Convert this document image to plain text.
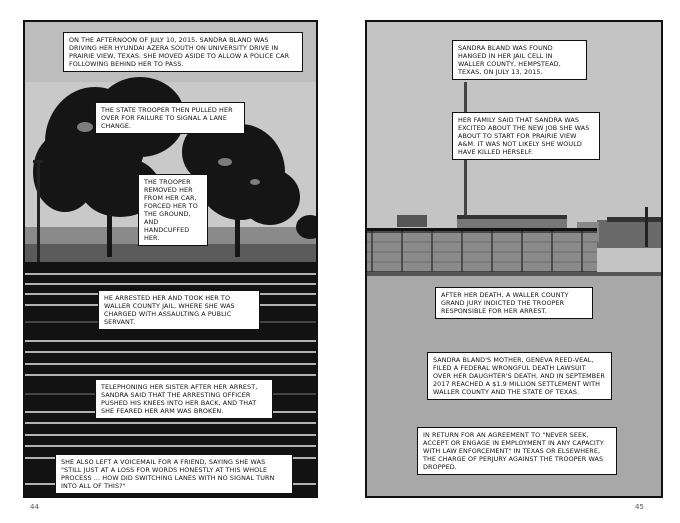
ON THE AFTERNOON OF JULY 10, 2015, SANDRA BLAND WAS DRIVING HER HYUNDAI AZERA SOUTH ON UNIVERSITY DRIVE IN PRAIRIE VIEW, TEXAS. SHE MOVED ASIDE TO ALLOW A POLICE CAR FOLLOWING BEHIND HER TO PASS.
THE STATE TROOPER THEN PULLED HER OVER FOR FAILURE TO SIGNAL A LANE CHANGE.
THE TROOPER REMOVED HER FROM HER CAR, FORCED HER TO THE GROUND, AND HANDCUFFED HER.
HE ARRESTED HER AND TOOK HER TO WALLER COUNTY JAIL, WHERE SHE WAS CHARGED WITH ASSAULTING A PUBLIC SERVANT.
TELEPHONING HER SISTER AFTER HER ARREST, SANDRA SAID THAT THE ARRESTING OFFICER PUSHED HIS KNEES INTO HER BACK, AND THAT SHE FEARED HER ARM WAS BROKEN.
SHE ALSO LEFT A VOICEMAIL FOR A FRIEND, SAYING SHE WAS "STILL JUST AT A LOSS FOR WORDS HONESTLY AT THIS WHOLE PROCESS ... HOW DID SWITCHING LANES WITH NO SIGNAL TURN INTO ALL OF THIS?"
44
SANDRA BLAND WAS FOUND HANGED IN HER JAIL CELL IN WALLER COUNTY, HEMPSTEAD, TEXAS, ON JULY 13, 2015.
HER FAMILY SAID THAT SANDRA WAS EXCITED ABOUT THE NEW JOB SHE WAS ABOUT TO START FOR PRAIRIE VIEW A&M. IT WAS NOT LIKELY SHE WOULD HAVE KILLED HERSELF.
AFTER HER DEATH, A WALLER COUNTY GRAND JURY INDICTED THE TROOPER RESPONSIBLE FOR HER ARREST.
SANDRA BLAND'S MOTHER, GENEVA REED-VEAL, FILED A FEDERAL WRONGFUL DEATH LAWSUIT OVER HER DAUGHTER'S DEATH, AND IN SEPTEMBER 2017 REACHED A $1.9 MILLION SETTLEMENT WITH WALLER COUNTY AND THE STATE OF TEXAS.
IN RETURN FOR AN AGREEMENT TO "NEVER SEEK, ACCEPT OR ENGAGE IN EMPLOYMENT IN ANY CAPACITY WITH LAW ENFORCEMENT" IN TEXAS OR ELSEWHERE, THE CHARGE OF PERJURY AGAINST THE TROOPER WAS DROPPED.
45
